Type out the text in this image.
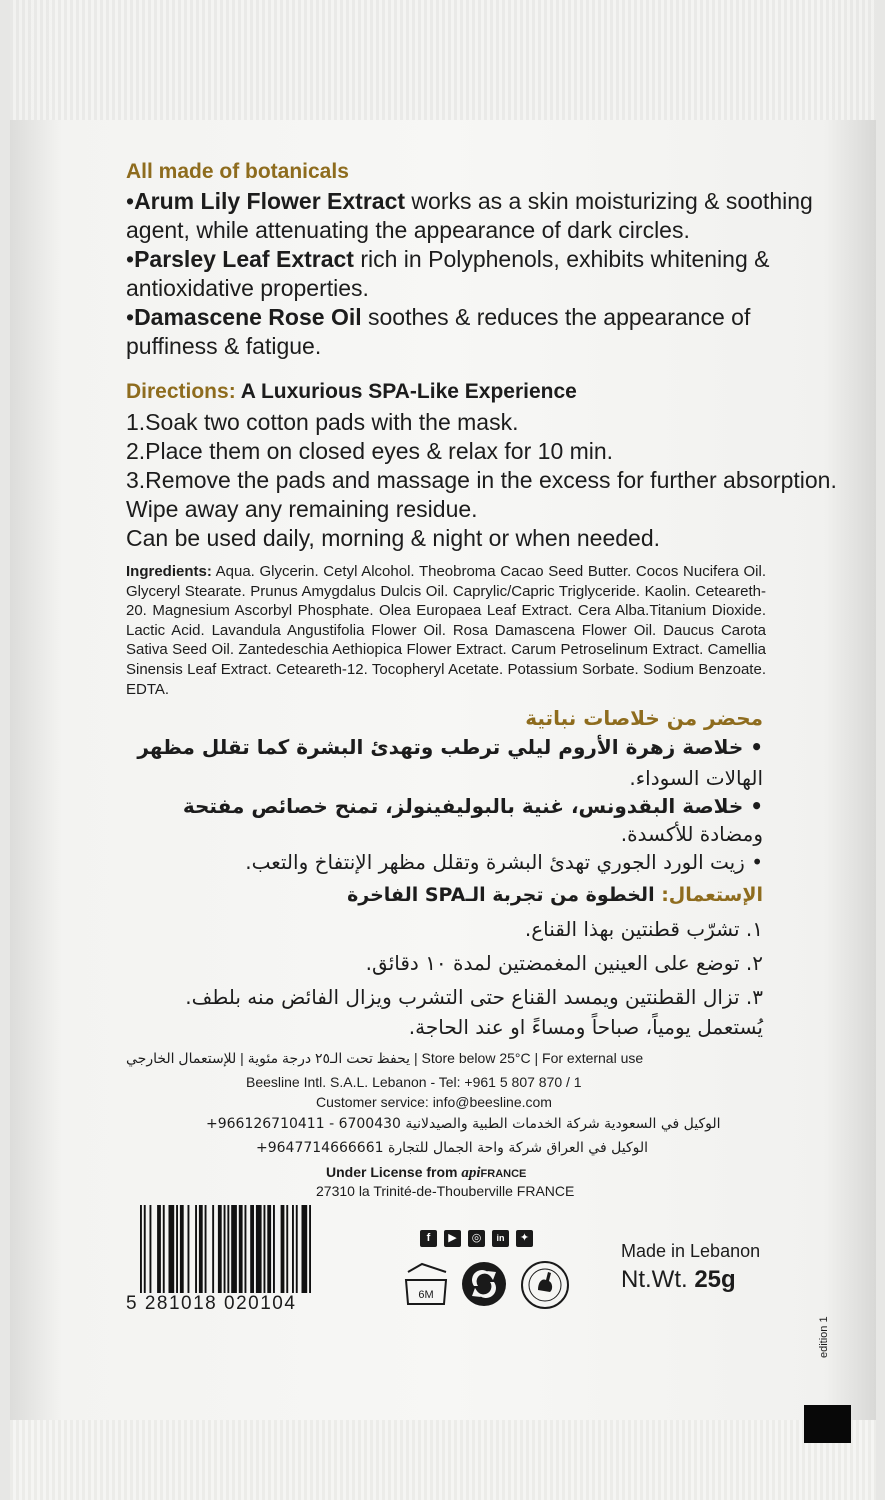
All made of botanicals
•Arum Lily Flower Extract works as a skin moisturizing & soothing
agent, while attenuating the appearance of dark circles.
•Parsley Leaf Extract rich in Polyphenols, exhibits whitening &
antioxidative properties.
•Damascene Rose Oil soothes & reduces the appearance of
puffiness & fatigue.
Directions: A Luxurious SPA-Like Experience
1.Soak two cotton pads with the mask.
2.Place them on closed eyes & relax for 10 min.
3.Remove the pads and massage in the excess for further absorption.
Wipe away any remaining residue.
Can be used daily, morning & night or when needed.
Ingredients: Aqua. Glycerin. Cetyl Alcohol. Theobroma Cacao Seed Butter. Cocos Nucifera Oil. Glyceryl Stearate. Prunus Amygdalus Dulcis Oil. Caprylic/Capric Triglyceride. Kaolin. Ceteareth-20. Magnesium Ascorbyl Phosphate. Olea Europaea Leaf Extract. Cera Alba.Titanium Dioxide. Lactic Acid. Lavandula Angustifolia Flower Oil. Rosa Damascena Flower Oil. Daucus Carota Sativa Seed Oil. Zantedeschia Aethiopica Flower Extract. Carum Petroselinum Extract. Camellia Sinensis Leaf Extract. Ceteareth-12. Tocopheryl Acetate. Potassium Sorbate. Sodium Benzoate. EDTA.
محضر من خلاصات نباتية
• خلاصة زهرة الأروم ليلي ترطب وتهدئ البشرة كما تقلل مظهر
الهالات السوداء.
• خلاصة البقدونس، غنية بالبوليفينولز، تمنح خصائص مفتحة
ومضادة للأكسدة.
• زيت الورد الجوري تهدئ البشرة وتقلل مظهر الإنتفاخ والتعب.
الإستعمال: الخطوة من تجربة الـSPA الفاخرة
١. تشرّب قطنتين بهذا القناع.
٢. توضع على العينين المغمضتين لمدة ١٠ دقائق.
٣. تزال القطنتين ويمسد القناع حتى التشرب ويزال الفائض منه بلطف.
يُستعمل يومياً، صباحاً ومساءً او عند الحاجة.
يحفظ تحت الـ٢٥ درجة مئوية | للإستعمال الخارجي | Store below 25°C | For external use
Beesline Intl. S.A.L. Lebanon - Tel: +961 5 807 870 / 1
Customer service: info@beesline.com
+966126710411 - 6700430 الوكيل في السعودية شركة الخدمات الطبية والصيدلانية
+9647714666661 الوكيل في العراق شركة واحة الجمال للتجارة
Under License from apiFRANCE
27310 la Trinité-de-Thouberville FRANCE
5 281018 020104
f	▶	◎	in	✦
6M
Made in Lebanon
Nt.Wt. 25g
edition 1
